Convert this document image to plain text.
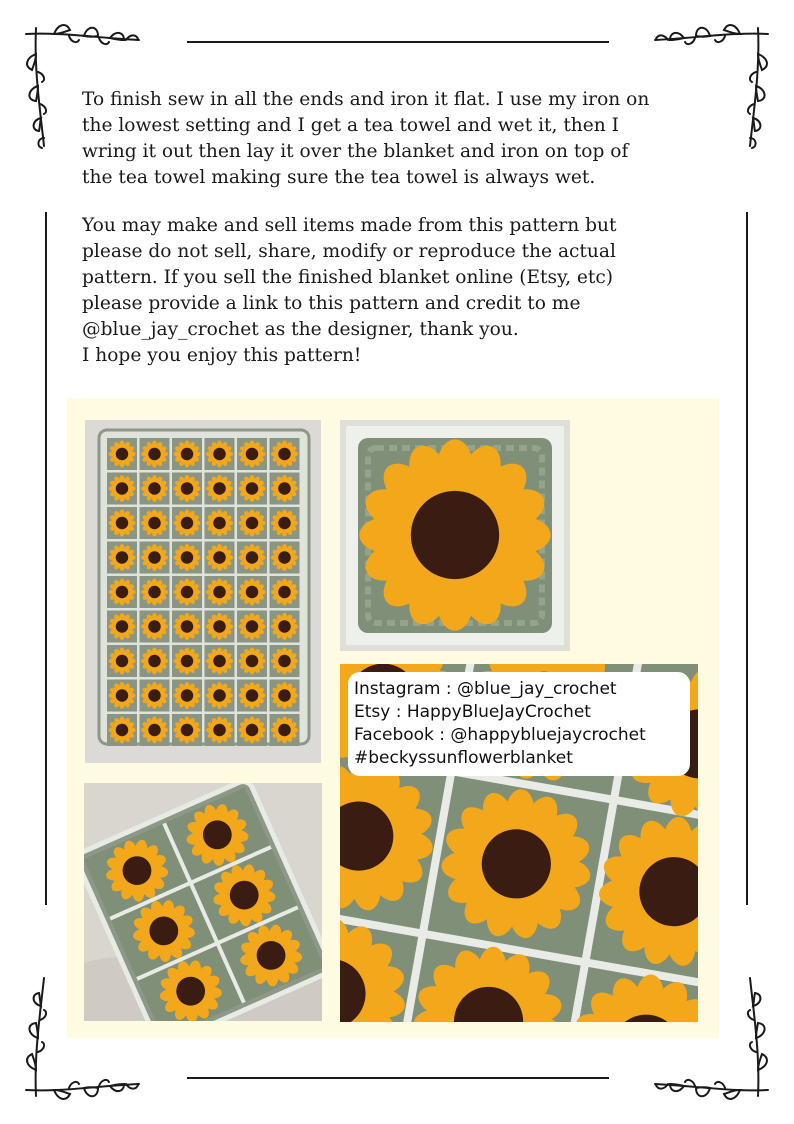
To finish sew in all the ends and iron it flat. I use my iron on
the lowest setting and I get a tea towel and wet it, then I
wring it out then lay it over the blanket and iron on top of
the tea towel making sure the tea towel is always wet.

You may make and sell items made from this pattern but
please do not sell, share, modify or reproduce the actual
pattern. If you sell the finished blanket online (Etsy, etc)
please provide a link to this pattern and credit to me
@blue_jay_crochet as the designer, thank you.
I hope you enjoy this pattern!

Instagram : @blue_jay_crochet
Etsy : HappyBlueJayCrochet
Facebook : @happybluejaycrochet
#beckyssunflowerblanket
